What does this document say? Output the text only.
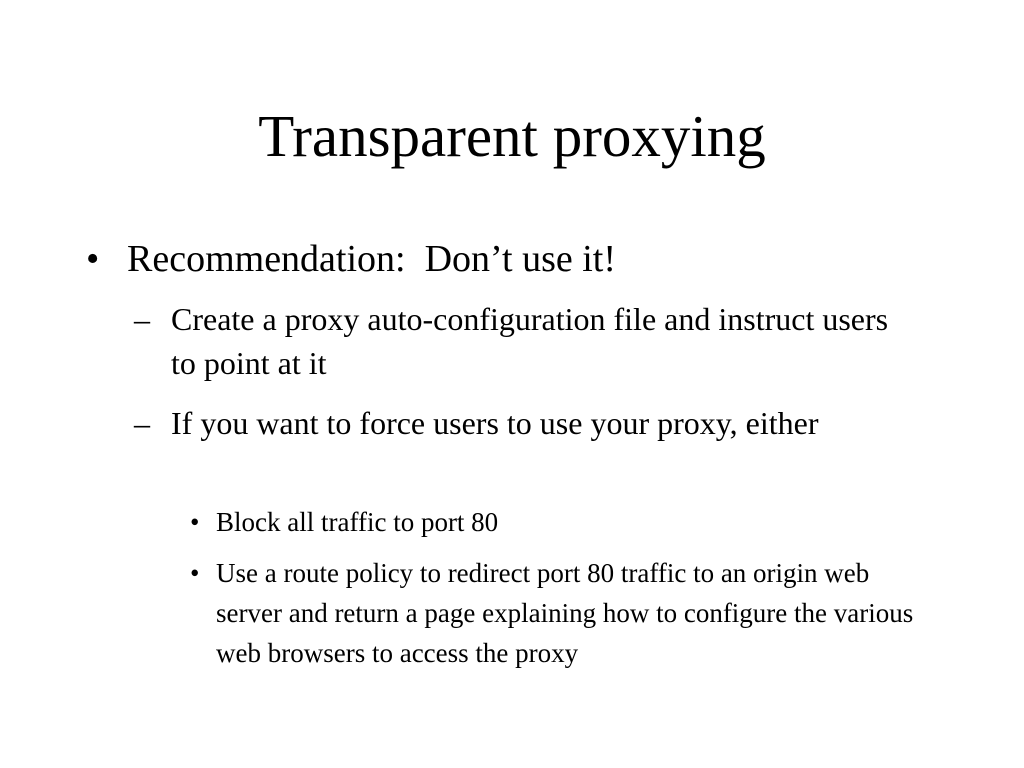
Transparent proxying
• Recommendation:  Don’t use it!
– Create a proxy auto-configuration file and instruct users to point at it
– If you want to force users to use your proxy, either
• Block all traffic to port 80
• Use a route policy to redirect port 80 traffic to an origin web server and return a page explaining how to configure the various web browsers to access the proxy
